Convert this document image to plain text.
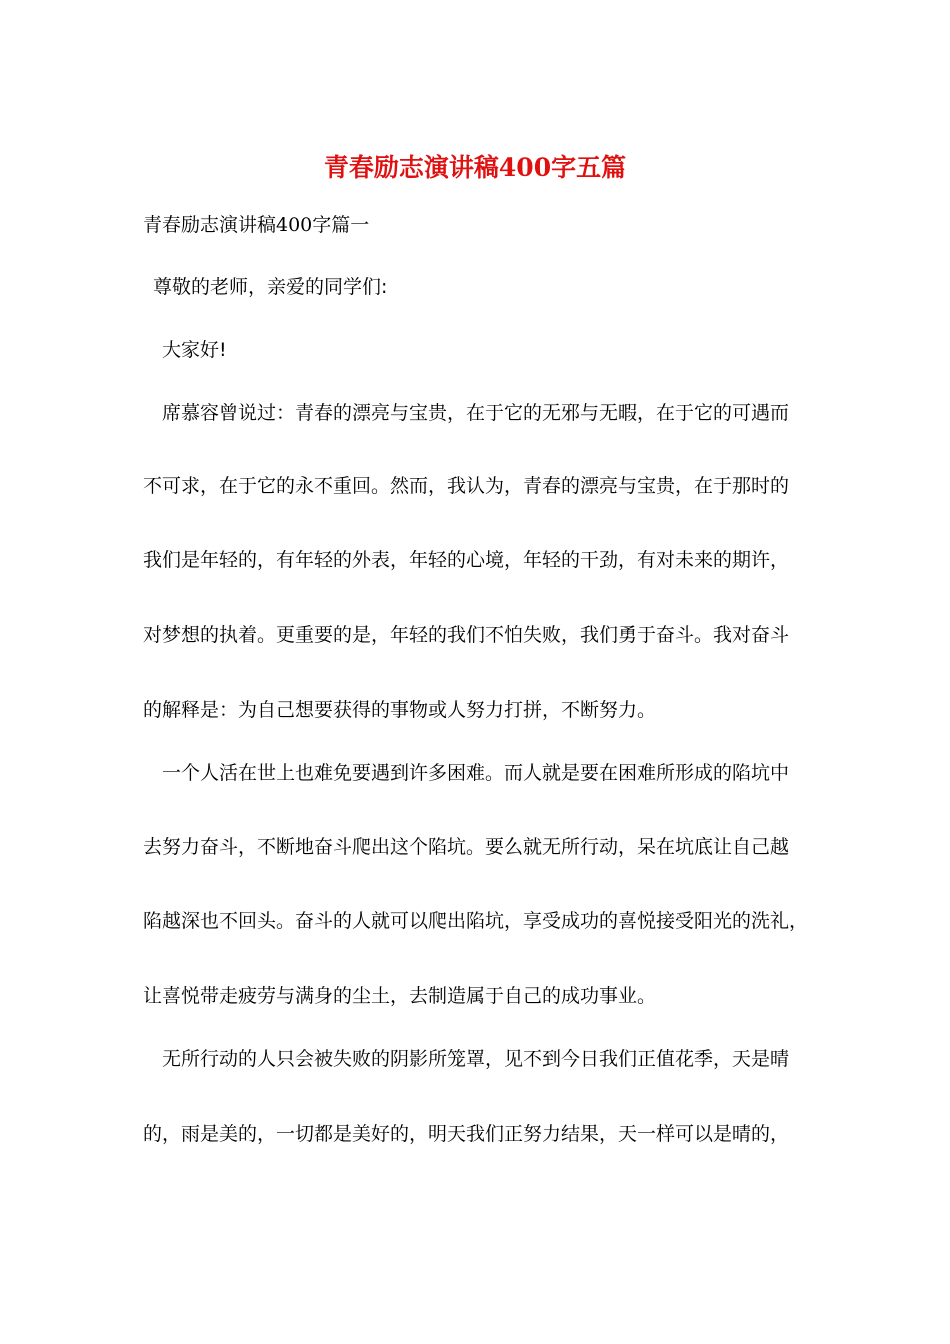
青春励志演讲稿400字五篇
青春励志演讲稿400字篇一
尊敬的老师，亲爱的同学们:
大家好!
席慕容曾说过：青春的漂亮与宝贵，在于它的无邪与无暇，在于它的可遇而
不可求，在于它的永不重回。然而，我认为，青春的漂亮与宝贵，在于那时的
我们是年轻的，有年轻的外表，年轻的心境，年轻的干劲，有对未来的期许，
对梦想的执着。更重要的是，年轻的我们不怕失败，我们勇于奋斗。我对奋斗
的解释是：为自己想要获得的事物或人努力打拼，不断努力。
一个人活在世上也难免要遇到许多困难。而人就是要在困难所形成的陷坑中
去努力奋斗，不断地奋斗爬出这个陷坑。要么就无所行动，呆在坑底让自己越
陷越深也不回头。奋斗的人就可以爬出陷坑，享受成功的喜悦接受阳光的洗礼，
让喜悦带走疲劳与满身的尘土，去制造属于自己的成功事业。
无所行动的人只会被失败的阴影所笼罩，见不到今日我们正值花季，天是晴
的，雨是美的，一切都是美好的，明天我们正努力结果，天一样可以是晴的，
